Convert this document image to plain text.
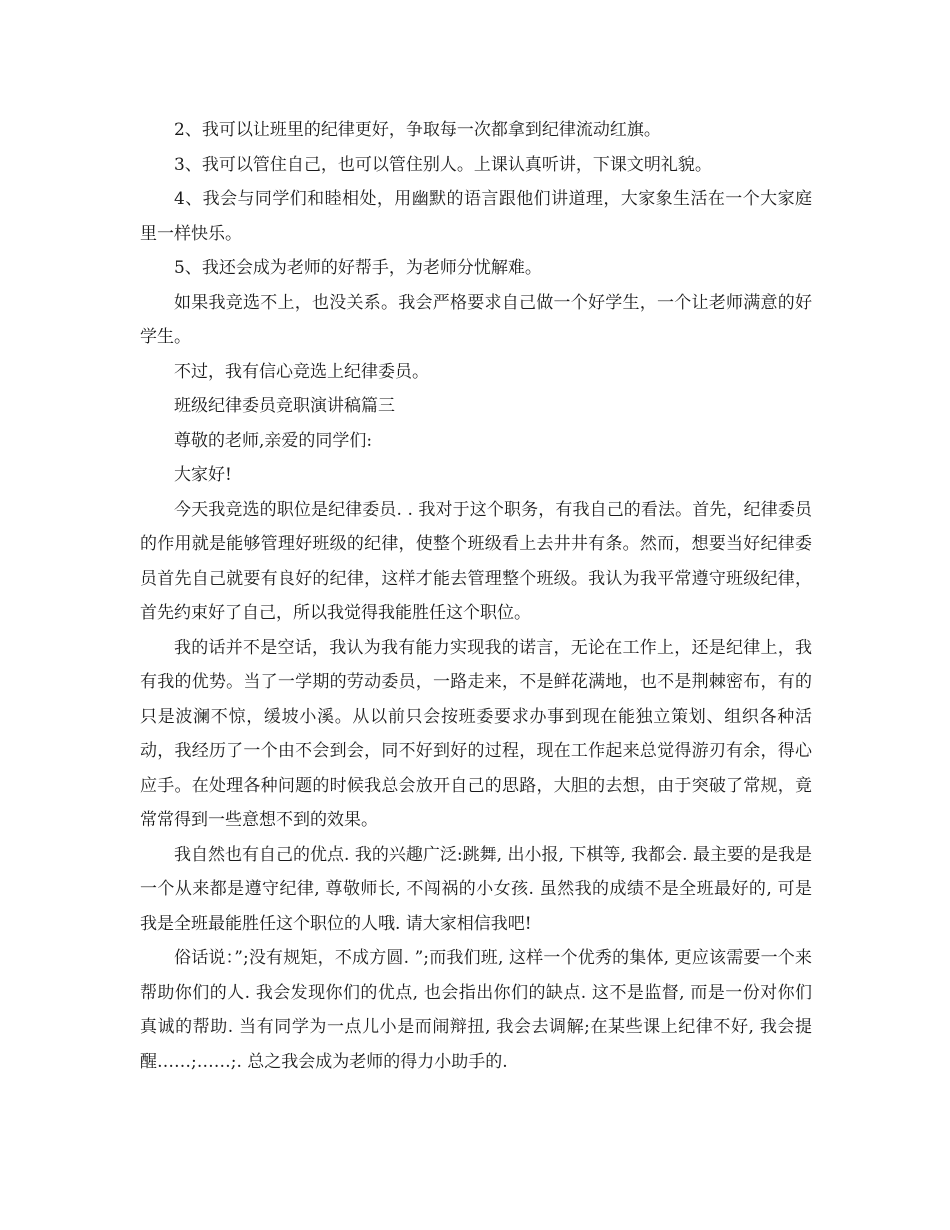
2、我可以让班里的纪律更好，争取每一次都拿到纪律流动红旗。

3、我可以管住自己，也可以管住别人。上课认真听讲，下课文明礼貌。

4、我会与同学们和睦相处，用幽默的语言跟他们讲道理，大家象生活在一个大家庭里一样快乐。

5、我还会成为老师的好帮手，为老师分忧解难。

如果我竞选不上，也没关系。我会严格要求自己做一个好学生，一个让老师满意的好学生。

不过，我有信心竞选上纪律委员。

班级纪律委员竞职演讲稿篇三

尊敬的老师,亲爱的同学们:

大家好!

今天我竞选的职位是纪律委员. . 我对于这个职务，有我自己的看法。首先，纪律委员的作用就是能够管理好班级的纪律，使整个班级看上去井井有条。然而，想要当好纪律委员首先自己就要有良好的纪律，这样才能去管理整个班级。我认为我平常遵守班级纪律，首先约束好了自己，所以我觉得我能胜任这个职位。

我的话并不是空话，我认为我有能力实现我的诺言，无论在工作上，还是纪律上，我有我的优势。当了一学期的劳动委员，一路走来，不是鲜花满地，也不是荆棘密布，有的只是波澜不惊，缓坡小溪。从以前只会按班委要求办事到现在能独立策划、组织各种活动，我经历了一个由不会到会，同不好到好的过程，现在工作起来总觉得游刃有余，得心应手。在处理各种问题的时候我总会放开自己的思路，大胆的去想，由于突破了常规，竟常常得到一些意想不到的效果。

我自然也有自己的优点. 我的兴趣广泛:跳舞, 出小报, 下棋等, 我都会. 最主要的是我是一个从来都是遵守纪律, 尊敬师长, 不闯祸的小女孩. 虽然我的成绩不是全班最好的, 可是我是全班最能胜任这个职位的人哦. 请大家相信我吧!

俗话说：”;没有规矩，不成方圆. ”;而我们班, 这样一个优秀的集体, 更应该需要一个来帮助你们的人. 我会发现你们的优点, 也会指出你们的缺点. 这不是监督, 而是一份对你们真诚的帮助. 当有同学为一点儿小是而闹辩扭, 我会去调解;在某些课上纪律不好, 我会提醒……;……;. 总之我会成为老师的得力小助手的.
